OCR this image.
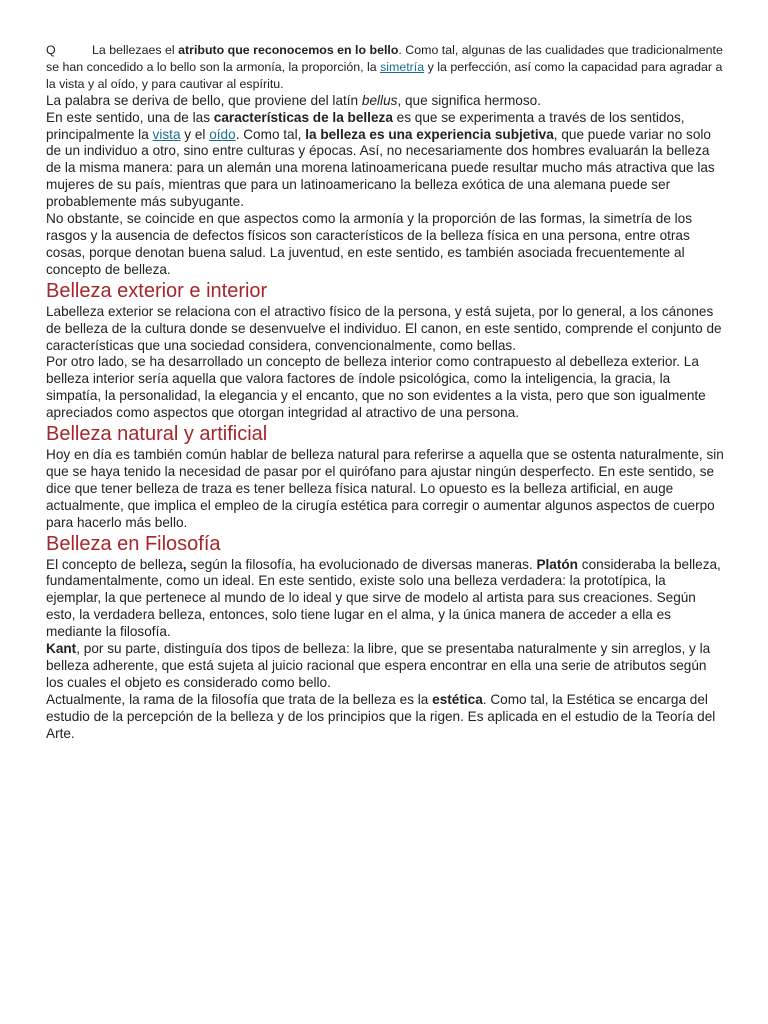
Q	La bellezaes el atributo que reconocemos en lo bello. Como tal, algunas de las cualidades que tradicionalmente se han concedido a lo bello son la armonía, la proporción, la simetría y la perfección, así como la capacidad para agradar a la vista y al oído, y para cautivar al espíritu.

La palabra se deriva de bello, que proviene del latín bellus, que significa hermoso.

En este sentido, una de las características de la belleza es que se experimenta a través de los sentidos, principalmente la vista y el oído. Como tal, la belleza es una experiencia subjetiva, que puede variar no solo de un individuo a otro, sino entre culturas y épocas. Así, no necesariamente dos hombres evaluarán la belleza de la misma manera: para un alemán una morena latinoamericana puede resultar mucho más atractiva que las mujeres de su país, mientras que para un latinoamericano la belleza exótica de una alemana puede ser probablemente más subyugante.

No obstante, se coincide en que aspectos como la armonía y la proporción de las formas, la simetría de los rasgos y la ausencia de defectos físicos son característicos de la belleza física en una persona, entre otras cosas, porque denotan buena salud. La juventud, en este sentido, es también asociada frecuentemente al concepto de belleza.

Belleza exterior e interior

Labelleza exterior se relaciona con el atractivo físico de la persona, y está sujeta, por lo general, a los cánones de belleza de la cultura donde se desenvuelve el individuo. El canon, en este sentido, comprende el conjunto de características que una sociedad considera, convencionalmente, como bellas.

Por otro lado, se ha desarrollado un concepto de belleza interior como contrapuesto al debelleza exterior. La belleza interior sería aquella que valora factores de índole psicológica, como la inteligencia, la gracia, la simpatía, la personalidad, la elegancia y el encanto, que no son evidentes a la vista, pero que son igualmente apreciados como aspectos que otorgan integridad al atractivo de una persona.

Belleza natural y artificial

Hoy en día es también común hablar de belleza natural para referirse a aquella que se ostenta naturalmente, sin que se haya tenido la necesidad de pasar por el quirófano para ajustar ningún desperfecto. En este sentido, se dice que tener belleza de traza es tener belleza física natural. Lo opuesto es la belleza artificial, en auge actualmente, que implica el empleo de la cirugía estética para corregir o aumentar algunos aspectos de cuerpo para hacerlo más bello.

Belleza en Filosofía

El concepto de belleza, según la filosofía, ha evolucionado de diversas maneras. Platón consideraba la belleza, fundamentalmente, como un ideal. En este sentido, existe solo una belleza verdadera: la prototípica, la ejemplar, la que pertenece al mundo de lo ideal y que sirve de modelo al artista para sus creaciones. Según esto, la verdadera belleza, entonces, solo tiene lugar en el alma, y la única manera de acceder a ella es mediante la filosofía.

Kant, por su parte, distinguía dos tipos de belleza: la libre, que se presentaba naturalmente y sin arreglos, y la belleza adherente, que está sujeta al juicio racional que espera encontrar en ella una serie de atributos según los cuales el objeto es considerado como bello.

Actualmente, la rama de la filosofía que trata de la belleza es la estética. Como tal, la Estética se encarga del estudio de la percepción de la belleza y de los principios que la rigen. Es aplicada en el estudio de la Teoría del Arte.
